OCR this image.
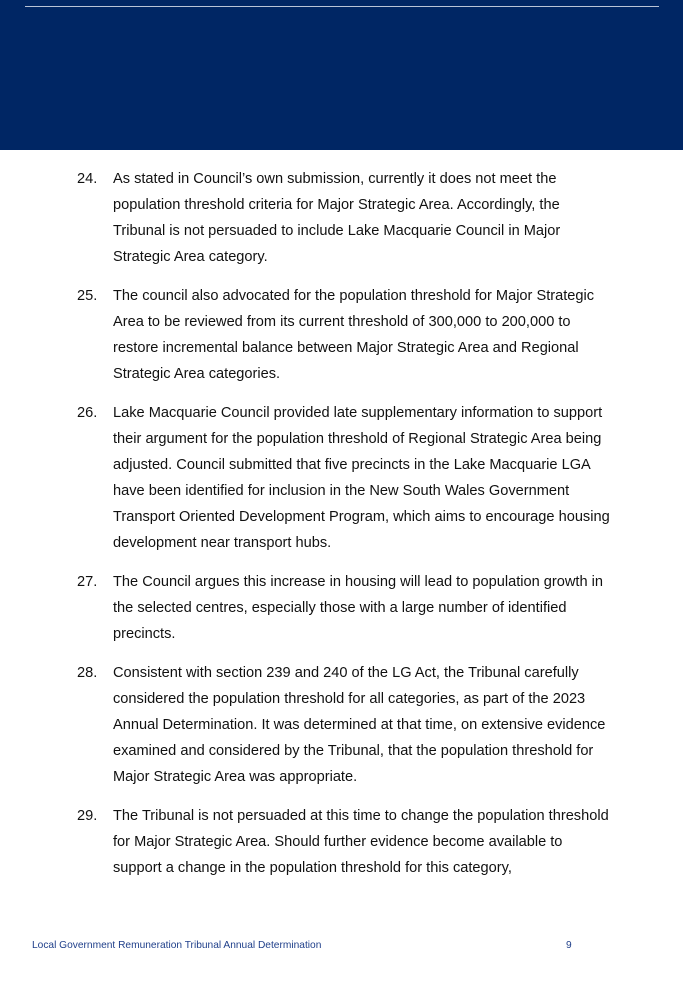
24. As stated in Council’s own submission, currently it does not meet the population threshold criteria for Major Strategic Area. Accordingly, the Tribunal is not persuaded to include Lake Macquarie Council in Major Strategic Area category.
25. The council also advocated for the population threshold for Major Strategic Area to be reviewed from its current threshold of 300,000 to 200,000 to restore incremental balance between Major Strategic Area and Regional Strategic Area categories.
26. Lake Macquarie Council provided late supplementary information to support their argument for the population threshold of Regional Strategic Area being adjusted. Council submitted that five precincts in the Lake Macquarie LGA have been identified for inclusion in the New South Wales Government Transport Oriented Development Program, which aims to encourage housing development near transport hubs.
27. The Council argues this increase in housing will lead to population growth in the selected centres, especially those with a large number of identified precincts.
28. Consistent with section 239 and 240 of the LG Act, the Tribunal carefully considered the population threshold for all categories, as part of the 2023 Annual Determination. It was determined at that time, on extensive evidence examined and considered by the Tribunal, that the population threshold for Major Strategic Area was appropriate.
29. The Tribunal is not persuaded at this time to change the population threshold for Major Strategic Area. Should further evidence become available to support a change in the population threshold for this category,
Local Government Remuneration Tribunal Annual Determination	9
